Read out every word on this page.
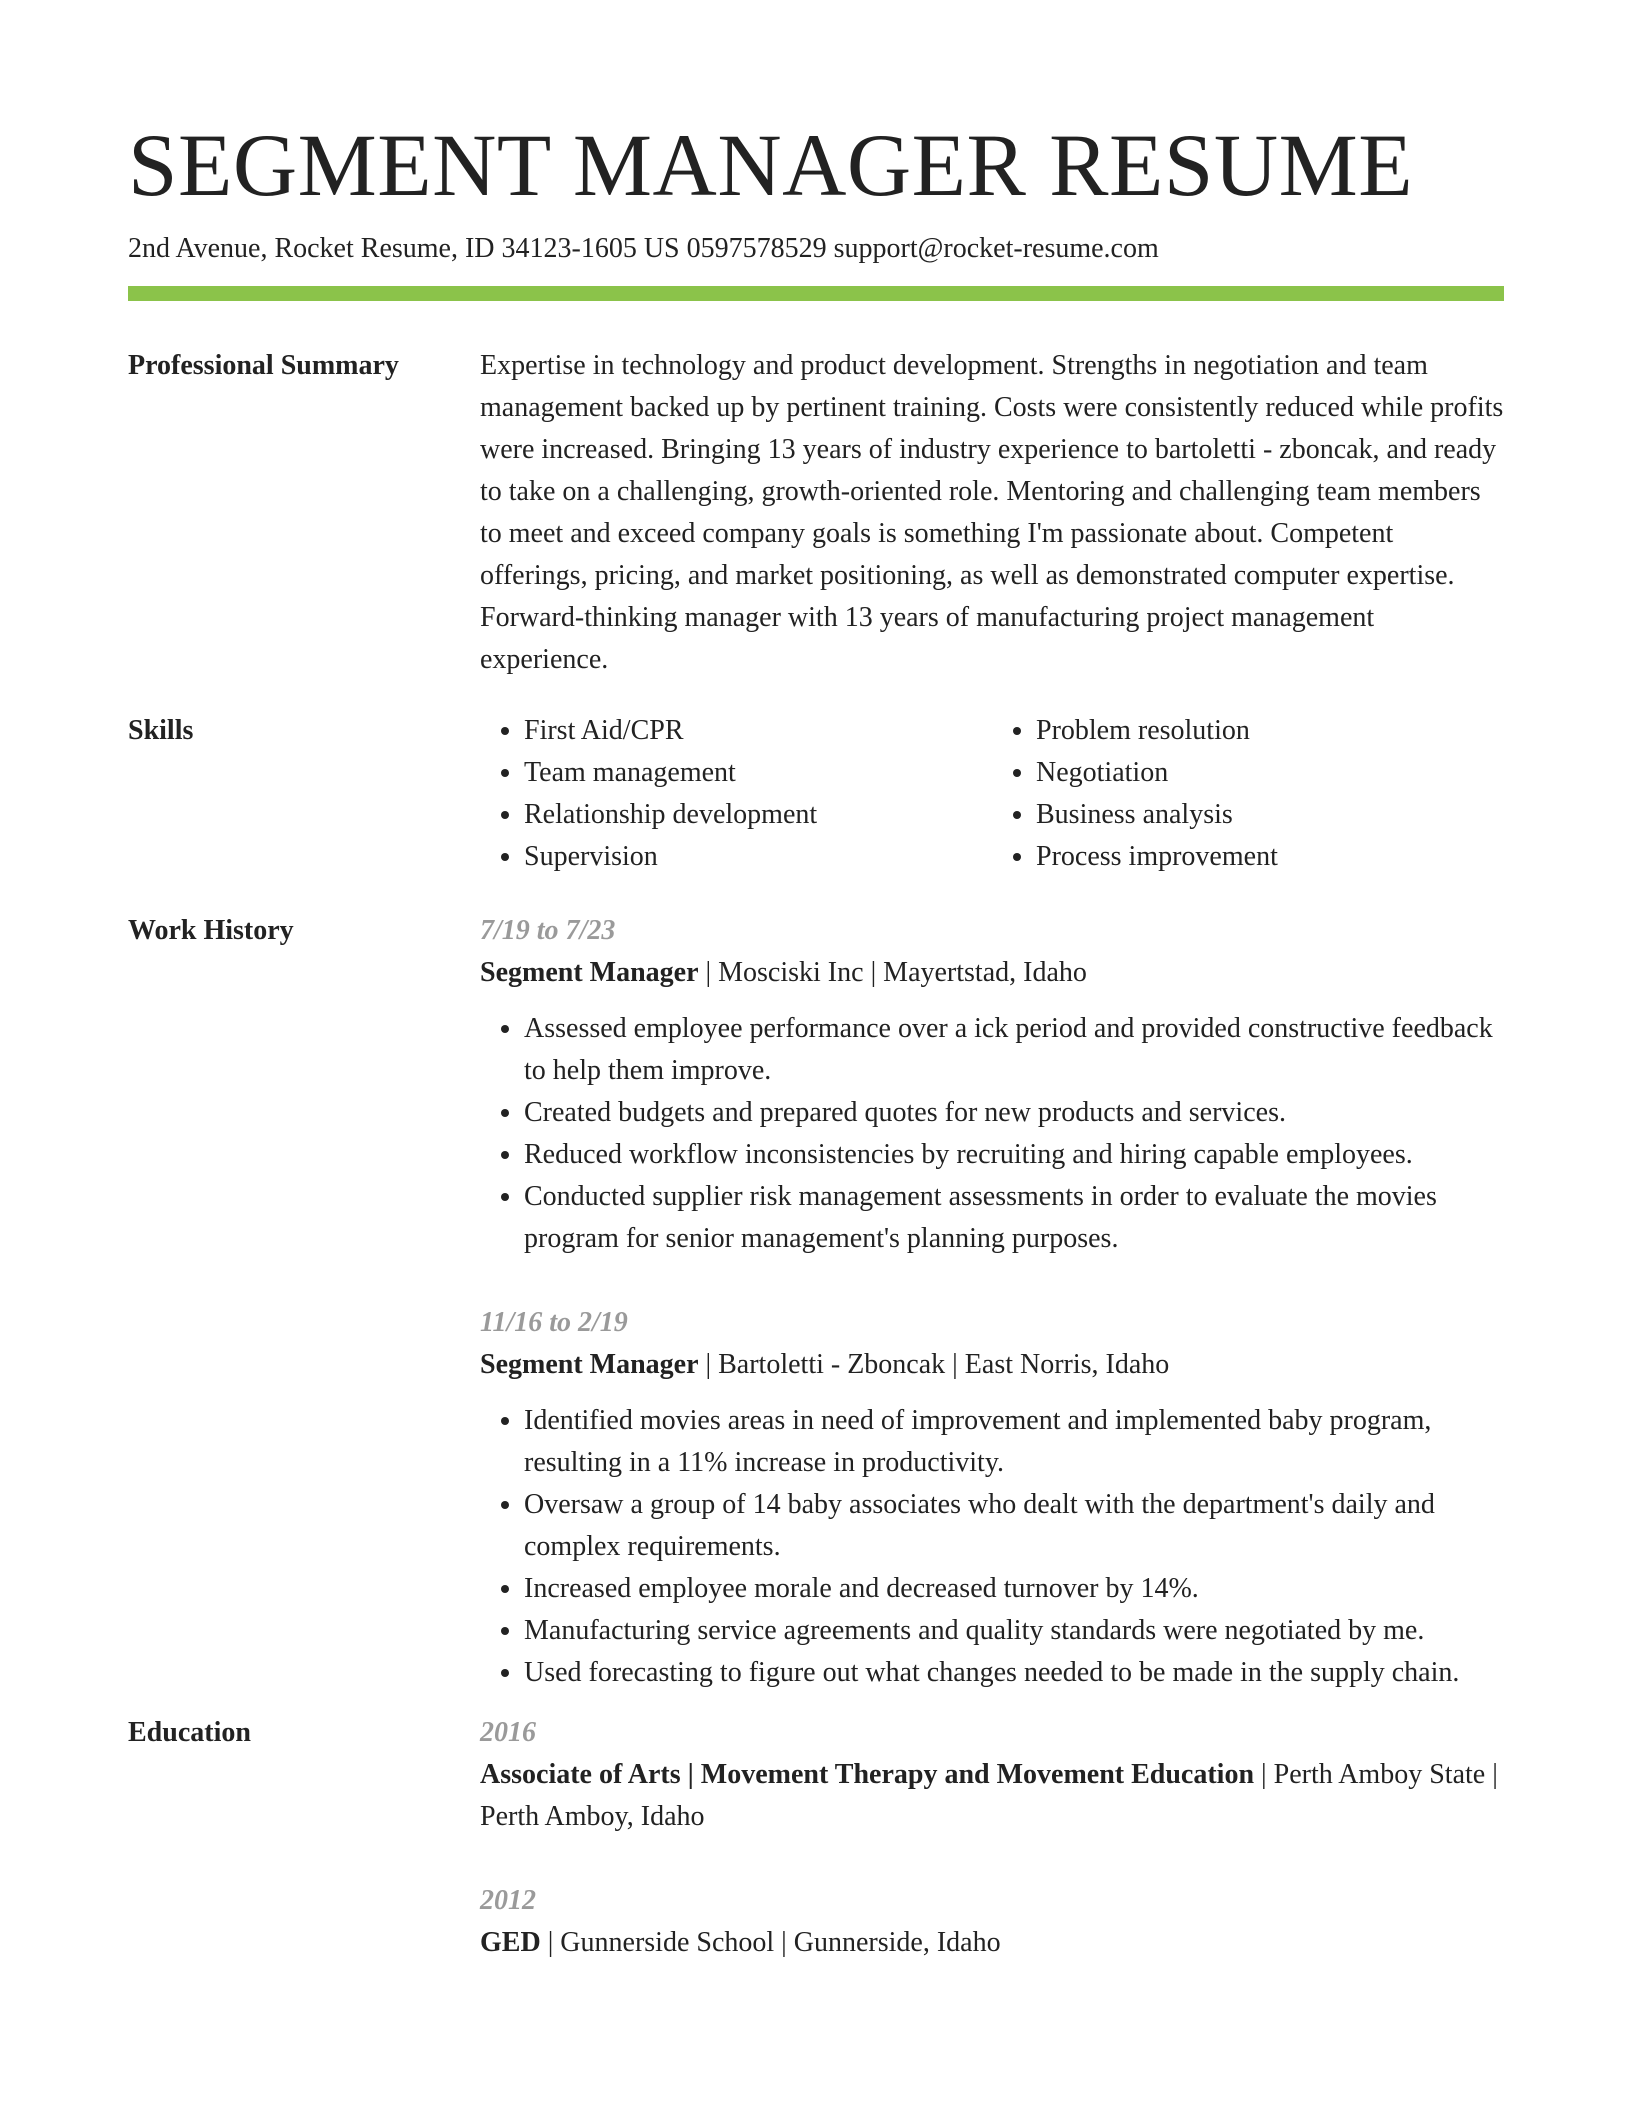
SEGMENT MANAGER RESUME
2nd Avenue, Rocket Resume, ID 34123-1605 US 0597578529 support@rocket-resume.com
Professional Summary	Expertise in technology and product development. Strengths in negotiation and team management backed up by pertinent training. Costs were consistently reduced while profits were increased. Bringing 13 years of industry experience to bartoletti - zboncak, and ready to take on a challenging, growth-oriented role. Mentoring and challenging team members to meet and exceed company goals is something I'm passionate about. Competent offerings, pricing, and market positioning, as well as demonstrated computer expertise. Forward-thinking manager with 13 years of manufacturing project management experience.

Skills
•	First Aid/CPR
• Team management
• Relationship development
• Supervision
• Problem resolution
• Negotiation
• Business analysis
• Process improvement
Work History	7/19 to 7/23

Segment Manager | Mosciski Inc | Mayertstad, Idaho

• Assessed employee performance over a ick period and provided constructive feedback to help them improve.
• Created budgets and prepared quotes for new products and services.
• Reduced workflow inconsistencies by recruiting and hiring capable employees.
• Conducted supplier risk management assessments in order to evaluate the movies program for senior management's planning purposes.
11/16 to 2/19

Segment Manager | Bartoletti - Zboncak | East Norris, Idaho

• Identified movies areas in need of improvement and implemented baby program, resulting in a 11% increase in productivity.
• Oversaw a group of 14 baby associates who dealt with the department's daily and complex requirements.
• Increased employee morale and decreased turnover by 14%.
• Manufacturing service agreements and quality standards were negotiated by me.
• Used forecasting to figure out what changes needed to be made in the supply chain.
Education	2016

Associate of Arts | Movement Therapy and Movement Education | Perth Amboy State | Perth Amboy, Idaho

2012

GED | Gunnerside School | Gunnerside, Idaho
